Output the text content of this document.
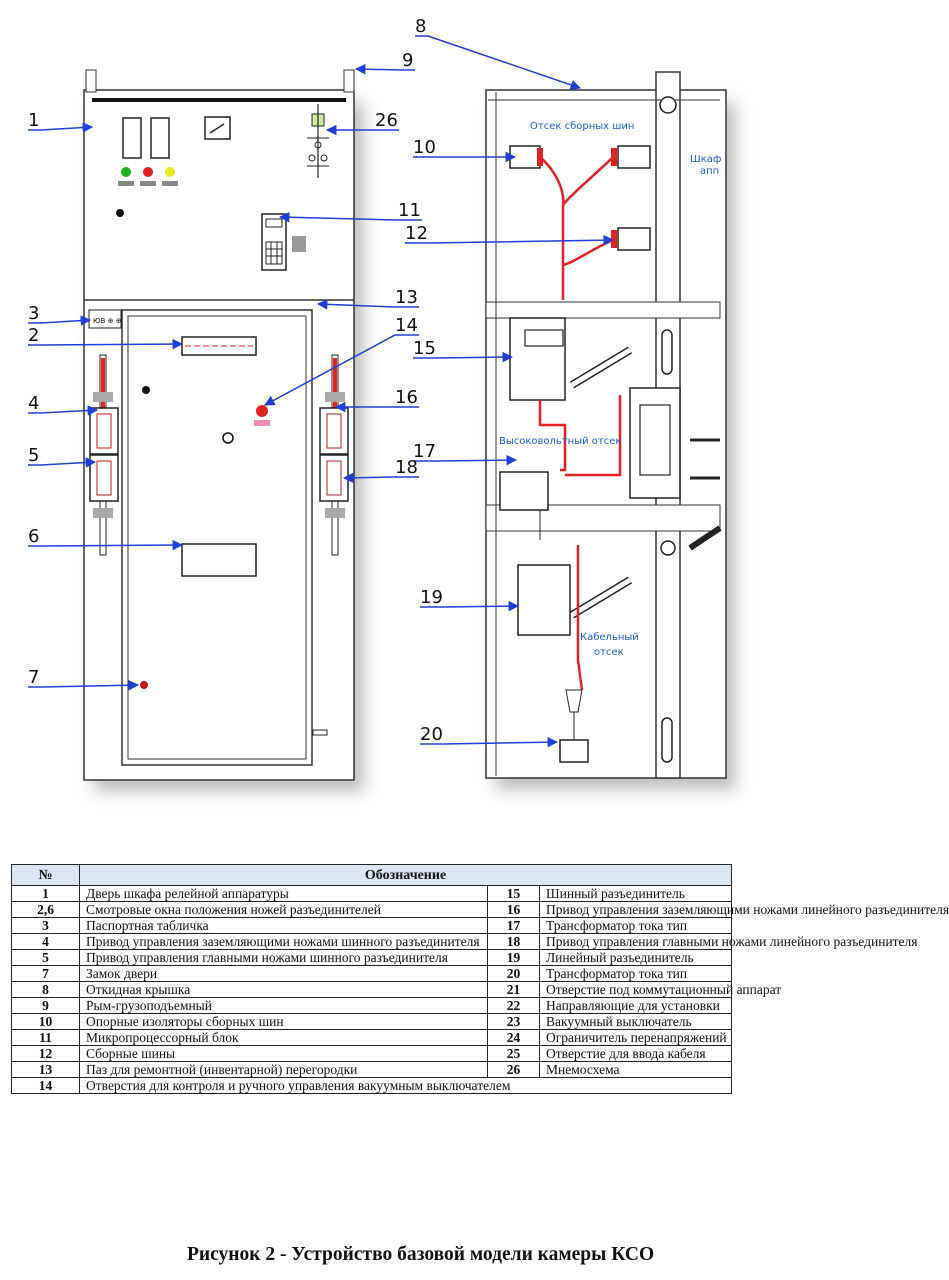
ЮВ ⊕ ⊕
Отсек сборных шин
Шкаф
апп
Высоковольтный отсек
Кабельный
отсек
1
2
3
4
5
6
7
8
9
10
11
12
13
14
15
16
17
18
19
20
26
№	Обозначение		
1	Дверь шкафа релейной аппаратуры	15	Шинный разъединитель
2,6	Смотровые окна положения ножей разъединителей	16	Привод управления заземляющими ножами линейного разъединителя
3	Паспортная табличка	17	Трансформатор тока тип
4	Привод управления заземляющими ножами шинного разъединителя	18	Привод управления главными ножами линейного разъединителя
5	Привод управления главными ножами шинного разъединителя	19	Линейный разъединитель
7	Замок двери	20	Трансформатор тока тип
8	Откидная крышка	21	Отверстие под коммутационный аппарат
9	Рым-грузоподъемный	22	Направляющие для установки
10	Опорные изоляторы сборных шин	23	Вакуумный выключатель
11	Микропроцессорный блок	24	Ограничитель перенапряжений
12	Сборные шины	25	Отверстие для ввода кабеля
13	Паз для ремонтной (инвентарной) перегородки	26	Мнемосхема
14	Отверстия для контроля и ручного управления вакуумным выключателем		
Рисунок 2 - Устройство базовой модели камеры КСО
